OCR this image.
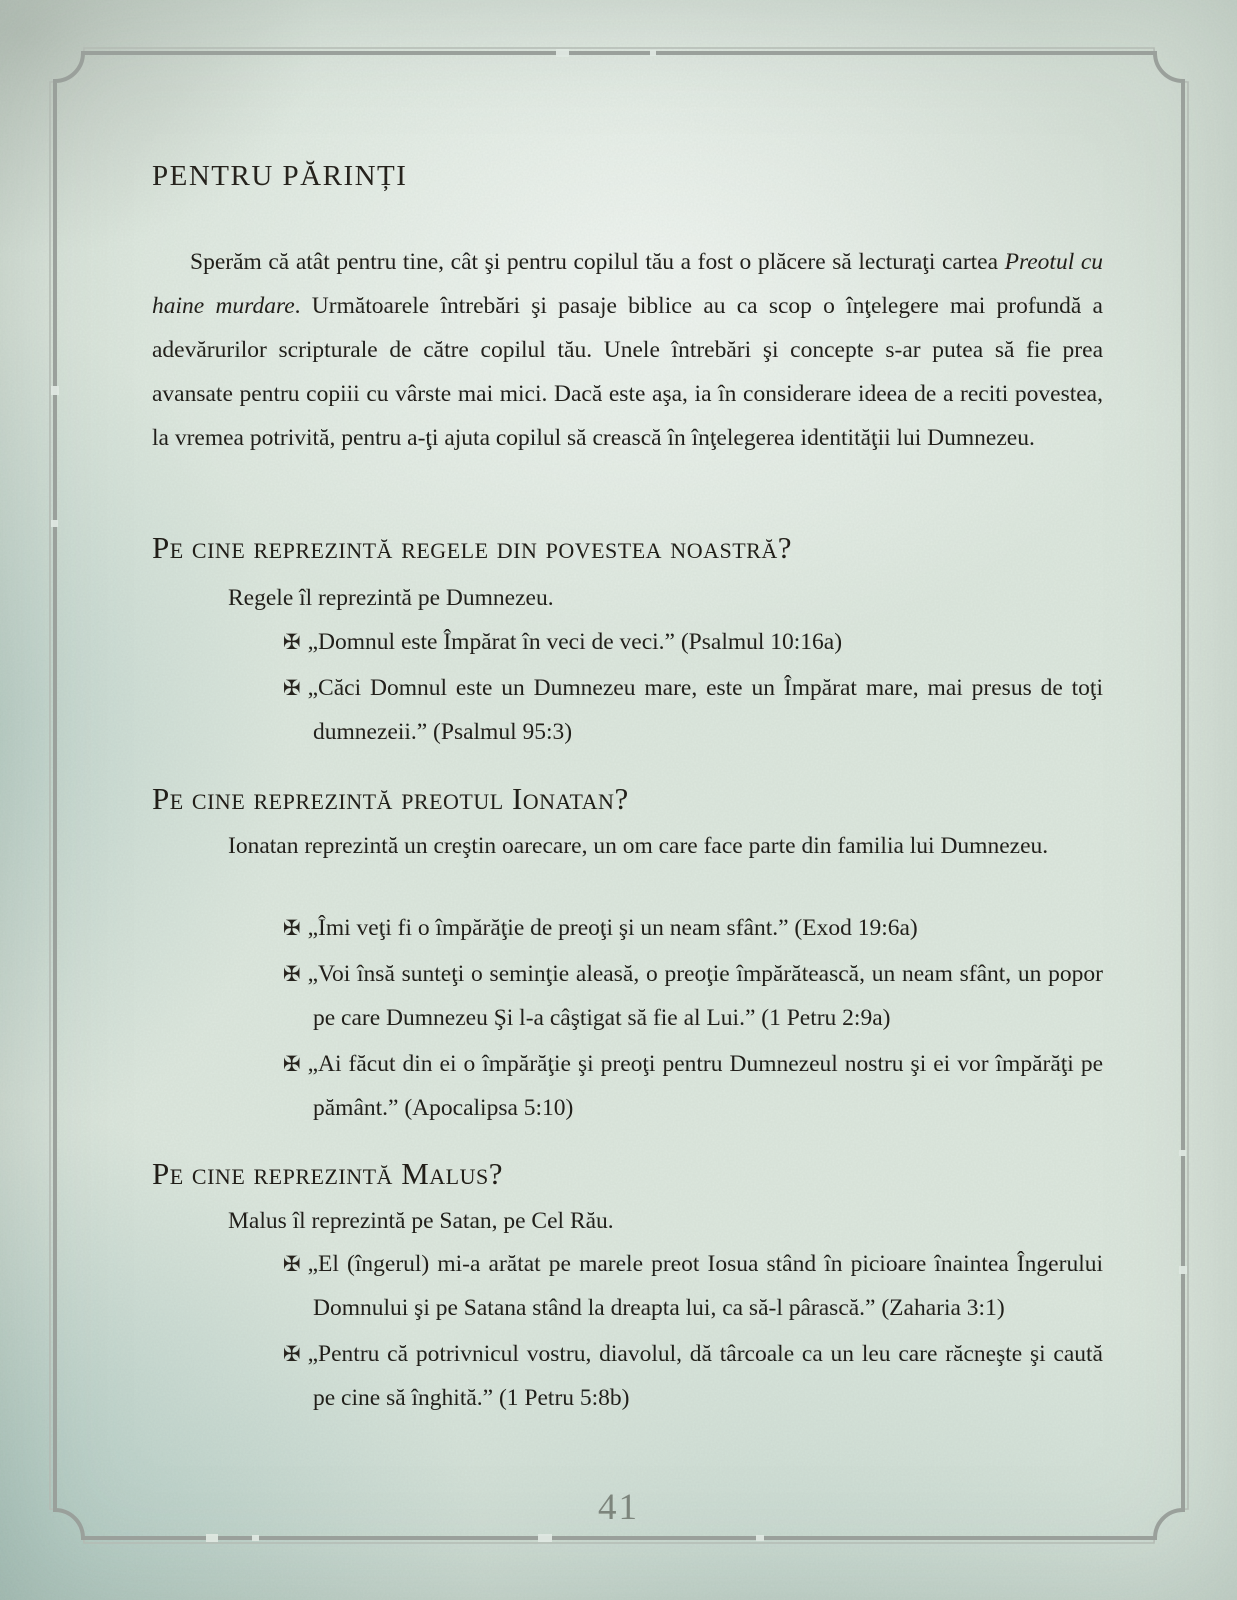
PENTRU PĂRINȚI

Sperăm că atât pentru tine, cât şi pentru copilul tău a fost o plăcere să lecturaţi cartea Preotul cu haine murdare. Următoarele întrebări şi pasaje biblice au ca scop o înţelegere mai profundă a adevărurilor scripturale de către copilul tău. Unele întrebări şi concepte s-ar putea să fie prea avansate pentru copiii cu vârste mai mici. Dacă este aşa, ia în considerare ideea de a reciti povestea, la vremea potrivită, pentru a-ţi ajuta copilul să crească în înţelegerea identităţii lui Dumnezeu.

Pe cine reprezintă regele din povestea noastră?

Regele îl reprezintă pe Dumnezeu.

✠ „Domnul este Împărat în veci de veci.” (Psalmul 10:16a)
✠ „Căci Domnul este un Dumnezeu mare, este un Împărat mare, mai presus de toţi dumnezeii.” (Psalmul 95:3)
Pe cine reprezintă preotul Ionatan?

Ionatan reprezintă un creştin oarecare, un om care face parte din familia lui Dumnezeu.

✠ „Îmi veţi fi o împărăţie de preoţi şi un neam sfânt.” (Exod 19:6a)
✠ „Voi însă sunteţi o seminţie aleasă, o preoţie împărătească, un neam sfânt, un popor pe care Dumnezeu Şi l-a câştigat să fie al Lui.” (1 Petru 2:9a)
✠ „Ai făcut din ei o împărăţie şi preoţi pentru Dumnezeul nostru şi ei vor împărăţi pe pământ.” (Apocalipsa 5:10)
Pe cine reprezintă Malus?

Malus îl reprezintă pe Satan, pe Cel Rău.

✠ „El (îngerul) mi-a arătat pe marele preot Iosua stând în picioare înaintea Îngerului Domnului şi pe Satana stând la dreapta lui, ca să-l pârască.” (Zaharia 3:1)
✠ „Pentru că potrivnicul vostru, diavolul, dă târcoale ca un leu care răcneşte şi caută pe cine să înghită.” (1 Petru 5:8b)
41
